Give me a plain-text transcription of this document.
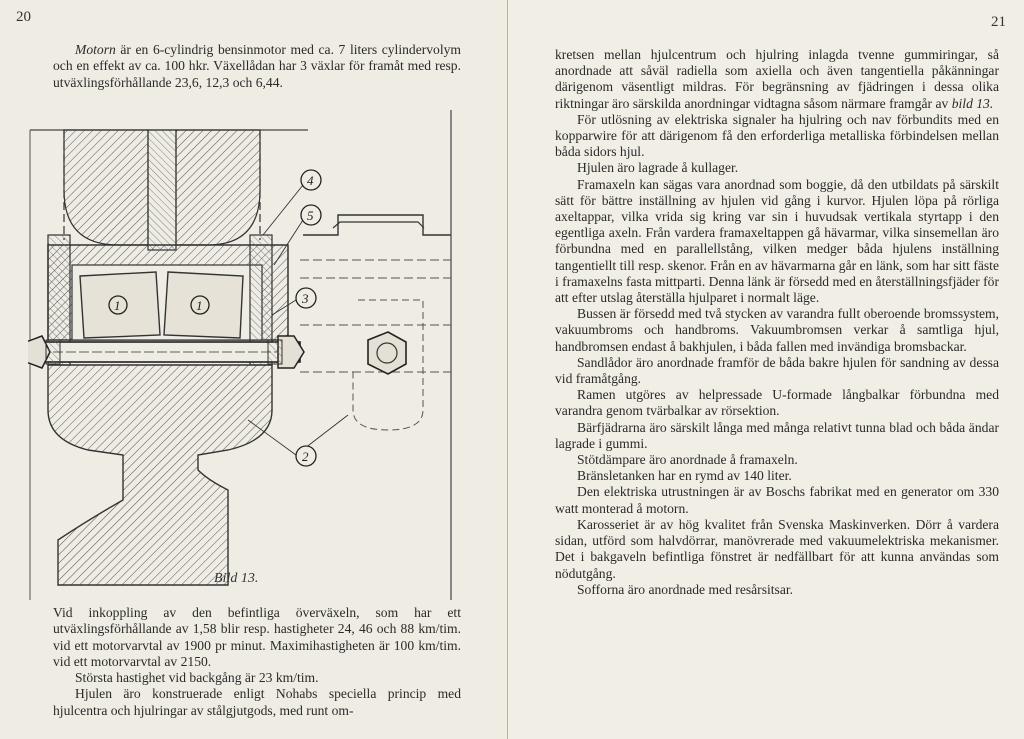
20

Motorn är en 6-cylindrig bensinmotor med ca. 7 liters cylindervolym och en effekt av ca. 100 hkr. Växellådan har 3 växlar för framåt med resp. utväxlingsförhållande 23,6, 12,3 och 6,44.

1	1
4
5
3
2
Bild 13.

Vid inkoppling av den befintliga överväxeln, som har ett utväxlingsförhållande av 1,58 blir resp. hastigheter 24, 46 och 88 km/tim. vid ett motorvarvtal av 1900 pr minut. Maximihastigheten är 100 km/tim. vid ett motorvarvtal av 2150.

Största hastighet vid backgång är 23 km/tim.

Hjulen äro konstruerade enligt Nohabs speciella princip med hjulcentra och hjulringar av stålgjutgods, med runt om-

21

kretsen mellan hjulcentrum och hjulring inlagda tvenne gummiringar, så anordnade att såväl radiella som axiella och även tangentiella påkänningar därigenom väsentligt mildras. För begränsning av fjädringen i dessa olika riktningar äro särskilda anordningar vidtagna såsom närmare framgår av bild 13.

För utlösning av elektriska signaler ha hjulring och nav förbundits med en kopparwire för att därigenom få den erforderliga metalliska förbindelsen mellan båda sidors hjul.

Hjulen äro lagrade å kullager.

Framaxeln kan sägas vara anordnad som boggie, då den utbildats på särskilt sätt för bättre inställning av hjulen vid gång i kurvor. Hjulen löpa på rörliga axeltappar, vilka vrida sig kring var sin i huvudsak vertikala styrtapp i den egentliga axeln. Från vardera framaxeltappen gå hävarmar, vilka sinsemellan äro förbundna med en parallellstång, vilken medger båda hjulens inställning tangentiellt till resp. skenor. Från en av hävarmarna går en länk, som har sitt fäste i framaxelns fasta mittparti. Denna länk är försedd med en återställningsfjäder för att efter utslag återställa hjulparet i normalt läge.

Bussen är försedd med två stycken av varandra fullt oberoende bromssystem, vakuumbroms och handbroms. Vakuumbromsen verkar å samtliga hjul, handbromsen endast å bakhjulen, i båda fallen med invändiga bromsbackar.

Sandlådor äro anordnade framför de båda bakre hjulen för sandning av dessa vid framåtgång.

Ramen utgöres av helpressade U-formade långbalkar förbundna med varandra genom tvärbalkar av rörsektion.

Bärfjädrarna äro särskilt långa med många relativt tunna blad och båda ändar lagrade i gummi.

Stötdämpare äro anordnade å framaxeln.

Bränsletanken har en rymd av 140 liter.

Den elektriska utrustningen är av Boschs fabrikat med en generator om 330 watt monterad å motorn.

Karosseriet är av hög kvalitet från Svenska Maskinverken. Dörr å vardera sidan, utförd som halvdörrar, manövrerade med vakuumelektriska mekanismer. Det i bakgaveln befintliga fönstret är nedfällbart för att kunna användas som nödutgång.

Sofforna äro anordnade med resårsitsar.
